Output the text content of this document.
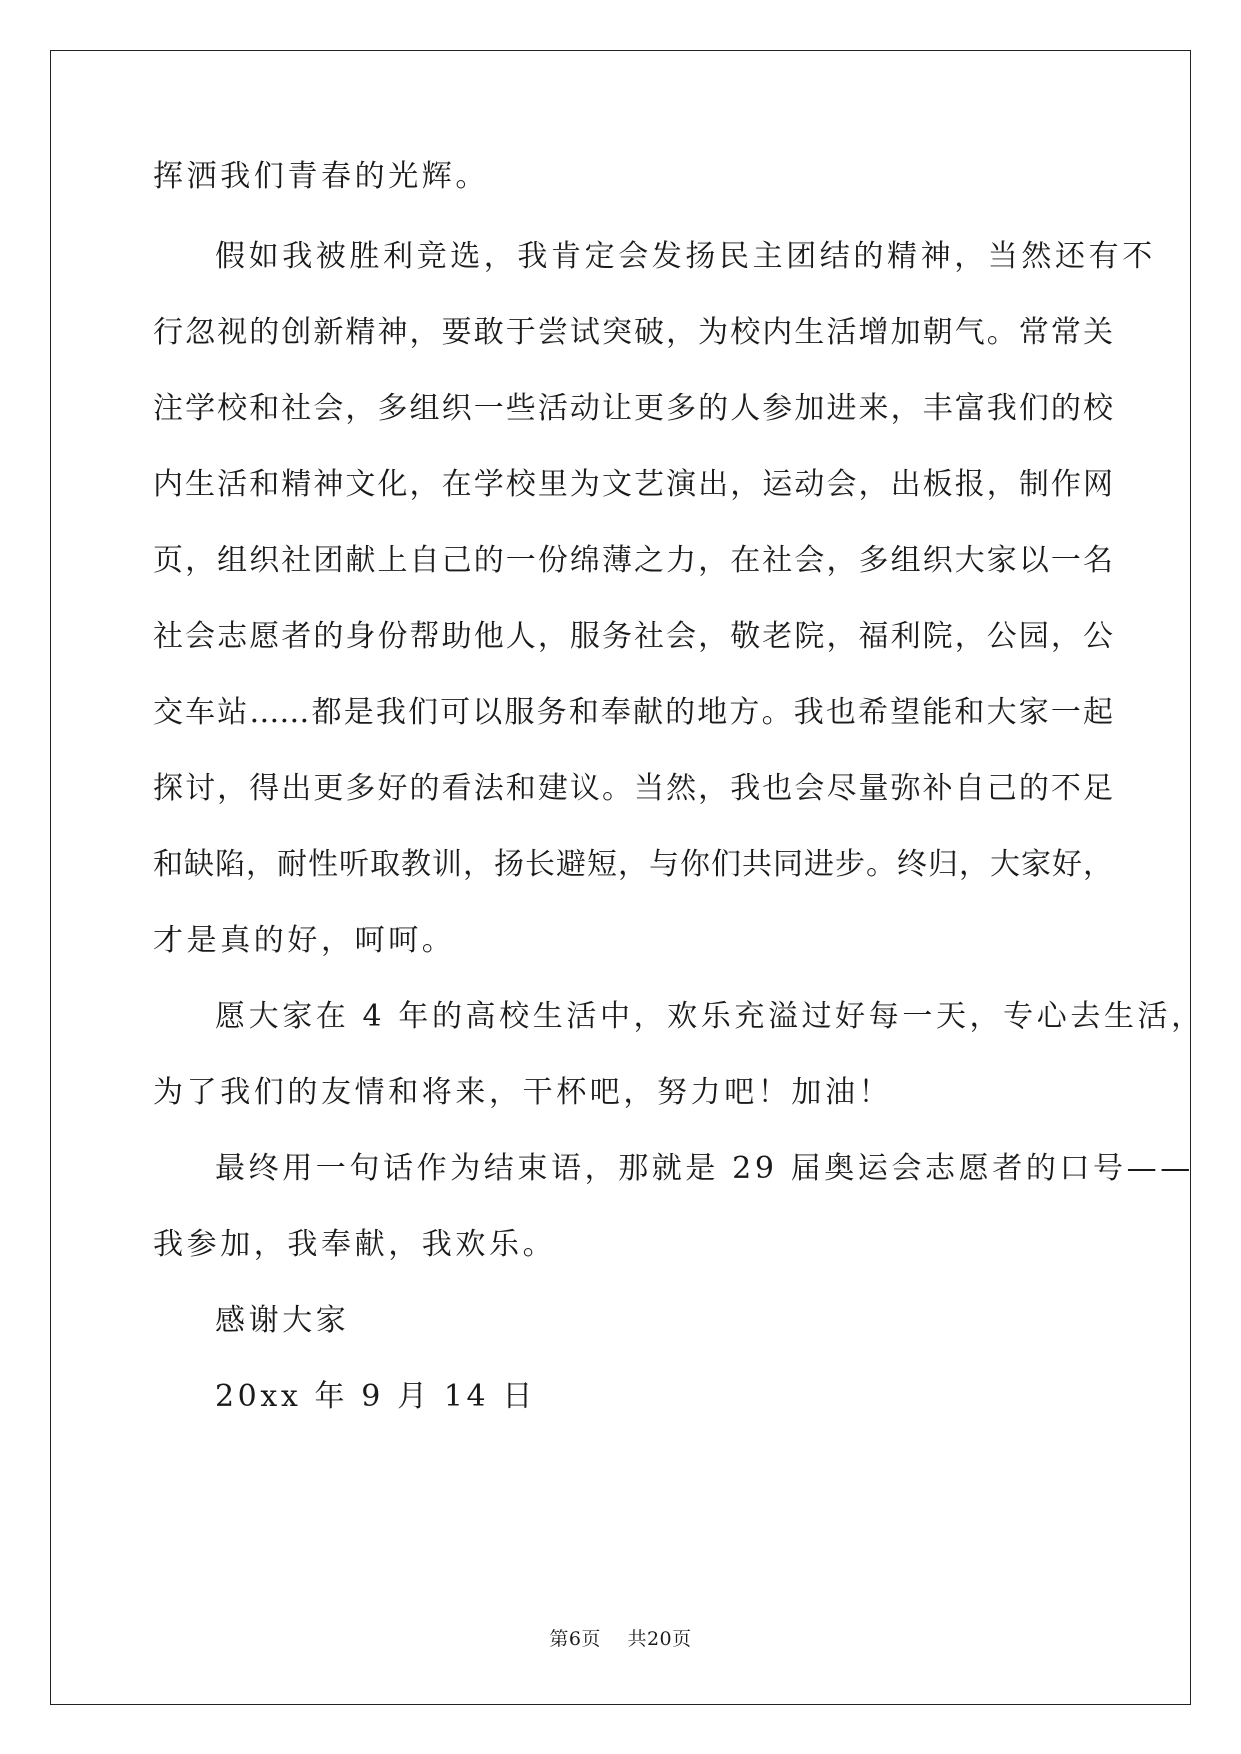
挥洒我们青春的光辉。
假如我被胜利竞选，我肯定会发扬民主团结的精神，当然还有不
行忽视的创新精神，要敢于尝试突破，为校内生活增加朝气。常常关
注学校和社会，多组织一些活动让更多的人参加进来，丰富我们的校
内生活和精神文化，在学校里为文艺演出，运动会，出板报，制作网
页，组织社团献上自己的一份绵薄之力，在社会，多组织大家以一名
社会志愿者的身份帮助他人，服务社会，敬老院，福利院，公园，公
交车站……都是我们可以服务和奉献的地方。我也希望能和大家一起
探讨，得出更多好的看法和建议。当然，我也会尽量弥补自己的不足
和缺陷，耐性听取教训，扬长避短，与你们共同进步。终归，大家好，
才是真的好，呵呵。
愿大家在 4 年的高校生活中，欢乐充溢过好每一天，专心去生活，
为了我们的友情和将来，干杯吧，努力吧！加油！
最终用一句话作为结束语，那就是 29 届奥运会志愿者的口号——
我参加，我奉献，我欢乐。
感谢大家
20xx 年 9 月 14 日
第6页 共20页
